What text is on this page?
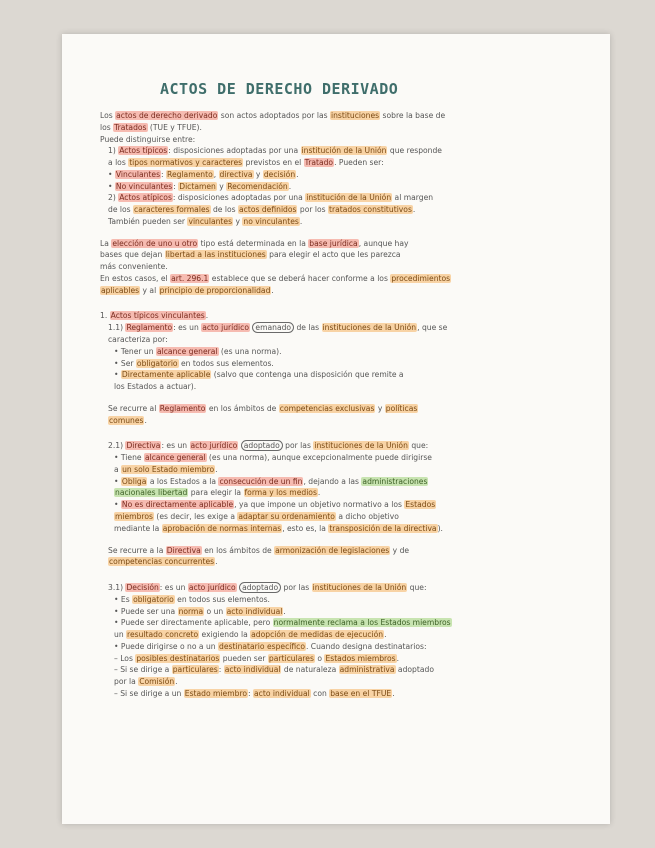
ACTOS DE DERECHO DERIVADO

Los actos de derecho derivado son actos adoptados por las instituciones sobre la base de

los Tratados (TUE y TFUE).

Puede distinguirse entre:

1) Actos típicos: disposiciones adoptadas por una institución de la Unión que responde

a los tipos normativos y caracteres previstos en el Tratado. Pueden ser:

• Vinculantes: Reglamento, directiva y decisión.

• No vinculantes: Dictamen y Recomendación.

2) Actos atípicos: disposiciones adoptadas por una institución de la Unión al margen

de los caracteres formales de los actos definidos por los tratados constitutivos.

También pueden ser vinculantes y no vinculantes.

La elección de uno u otro tipo está determinada en la base jurídica, aunque hay

bases que dejan libertad a las instituciones para elegir el acto que les parezca

más conveniente.

En estos casos, el art. 296.1 establece que se deberá hacer conforme a los procedimientos

aplicables y al principio de proporcionalidad.

1. Actos típicos vinculantes.

1.1) Reglamento: es un acto jurídico emanado de las instituciones de la Unión, que se

caracteriza por:

• Tener un alcance general (es una norma).

• Ser obligatorio en todos sus elementos.

• Directamente aplicable (salvo que contenga una disposición que remite a

los Estados a actuar).

Se recurre al Reglamento en los ámbitos de competencias exclusivas y políticas

comunes.

2.1) Directiva: es un acto jurídico adoptado por las instituciones de la Unión que:

• Tiene alcance general (es una norma), aunque excepcionalmente puede dirigirse

a un solo Estado miembro.

• Obliga a los Estados a la consecución de un fin, dejando a las administraciones

nacionales libertad para elegir la forma y los medios.

• No es directamente aplicable, ya que impone un objetivo normativo a los Estados

miembros (es decir, les exige a adaptar su ordenamiento a dicho objetivo

mediante la aprobación de normas internas, esto es, la transposición de la directiva).

Se recurre a la Directiva en los ámbitos de armonización de legislaciones y de

competencias concurrentes.

3.1) Decisión: es un acto jurídico adoptado por las instituciones de la Unión que:

• Es obligatorio en todos sus elementos.

• Puede ser una norma o un acto individual.

• Puede ser directamente aplicable, pero normalmente reclama a los Estados miembros

un resultado concreto exigiendo la adopción de medidas de ejecución.

• Puede dirigirse o no a un destinatario específico. Cuando designa destinatarios:

– Los posibles destinatarios pueden ser particulares o Estados miembros.

– Si se dirige a particulares: acto individual de naturaleza administrativa adoptado

por la Comisión.

– Si se dirige a un Estado miembro: acto individual con base en el TFUE.
